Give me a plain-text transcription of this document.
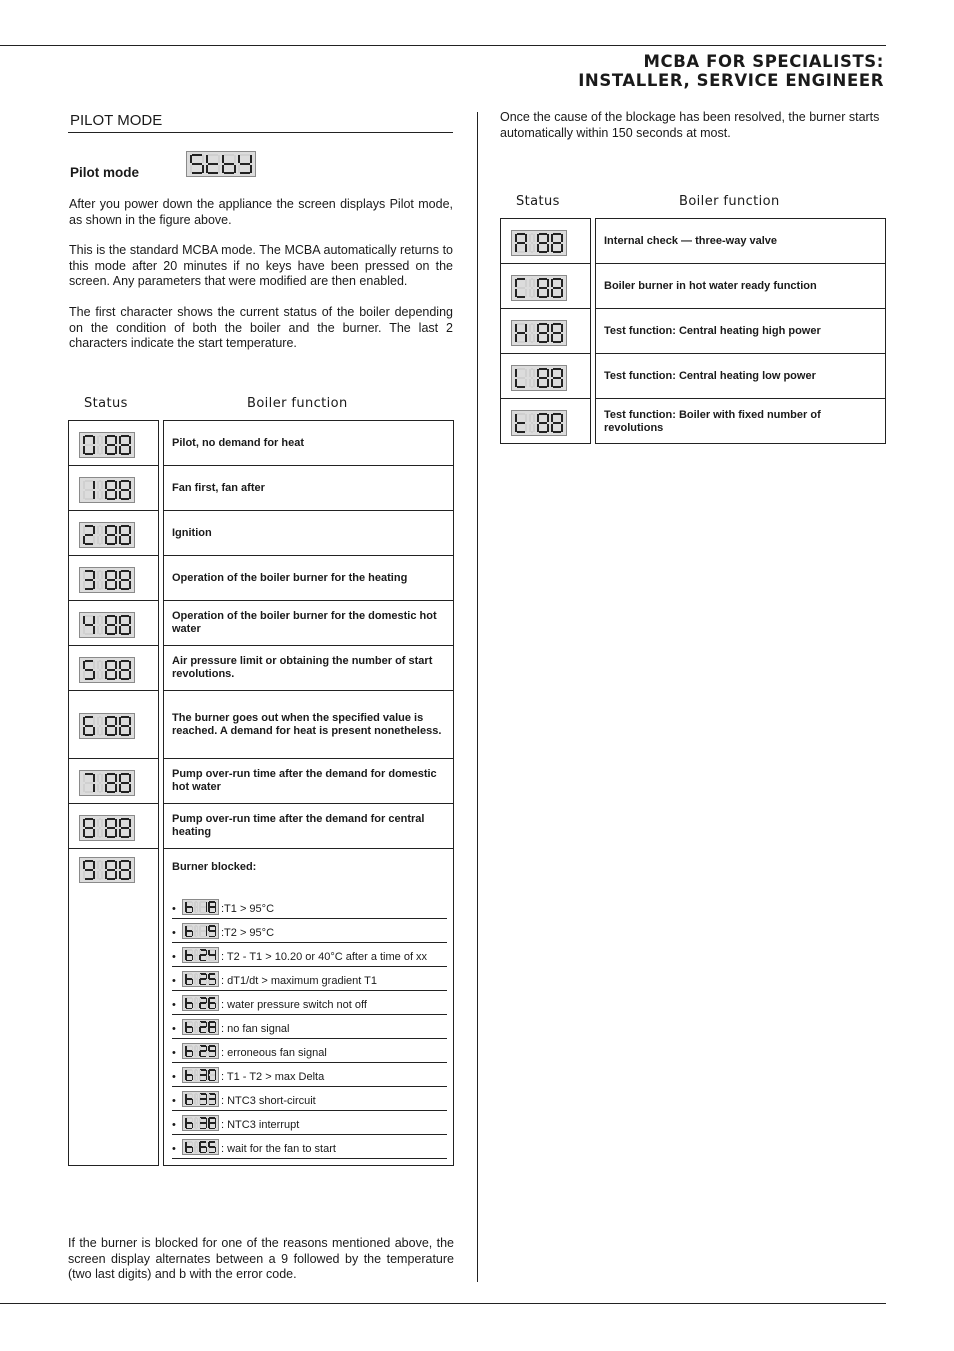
MCBA FOR SPECIALISTS:
INSTALLER, SERVICE ENGINEER
PILOT MODE
Pilot mode
After you power down the appliance the screen displays Pilot mode, as shown in the figure above.
This is the standard MCBA mode. The MCBA automatically returns to this mode after 20 minutes if no keys have been pressed on the screen. Any parameters that were modified are then enabled.
The first character shows the current status of the boiler depending on the condition of both the boiler and the burner. The last 2 characters indicate the start temperature.
Status	Boiler function
Pilot, no demand for heat
Fan first, fan after
Ignition
Operation of the boiler burner for the heating
Operation of the boiler burner for the domestic hot water
Air pressure limit or obtaining the number of start revolutions.
The burner goes out when the specified value is reached. A demand for heat is present nonetheless.
Pump over-run time after the demand for domestic hot water
Pump over-run time after the demand for central heating
Burner blocked:
•	:T1 > 95°C
•	:T2 > 95°C
•	: T2 - T1 > 10.20 or 40°C after a time of xx
•	: dT1/dt > maximum gradient T1
•	: water pressure switch not off
•	: no fan signal
•	: erroneous fan signal
•	: T1 - T2 > max Delta
•	: NTC3 short-circuit
•	: NTC3 interrupt
•	: wait for the fan to start
If the burner is blocked for one of the reasons mentioned above, the screen display alternates between a 9 followed by the temperature (two last digits) and b with the error code.
Once the cause of the blockage has been resolved, the burner starts automatically within 150 seconds at most.
Status	Boiler function
Internal check — three-way valve
Boiler burner in hot water ready function
Test function: Central heating high power
Test function: Central heating low power
Test function: Boiler with fixed number of revolutions
